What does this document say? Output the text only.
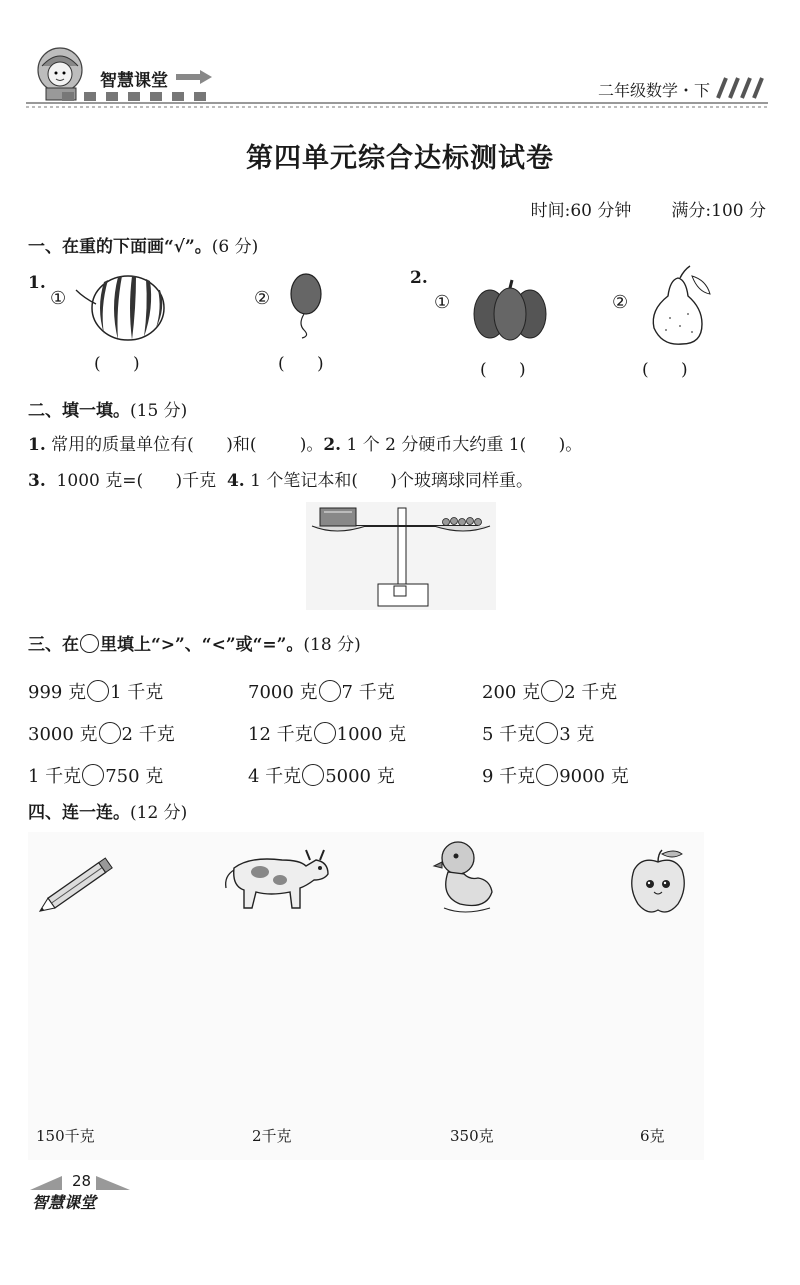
智慧课堂	二年级数学・下
第四单元综合达标测试卷
时间:60 分钟 满分:100 分
一、在重的下面画“√”。(6 分)
1.
①	②
(      )	(      )
2.
①	②
(      )	(      )
二、填一填。(15 分)
1. 常用的质量单位有(      )和(        )。2. 1 个 2 分硬币大约重 1(      )。
3.  1000 克=(      )千克  4. 1 个笔记本和(      )个玻璃球同样重。
三、在 里填上“>”、“<”或“=”。(18 分)
999 克 1 千克	7000 克 7 千克	200 克 2 千克
3000 克 2 千克	12 千克 1000 克	5 千克 3 克
1 千克 750 克	4 千克 5000 克	9 千克 9000 克
四、连一连。(12 分)
150千克	2千克	350克	6克
28
智慧课堂
